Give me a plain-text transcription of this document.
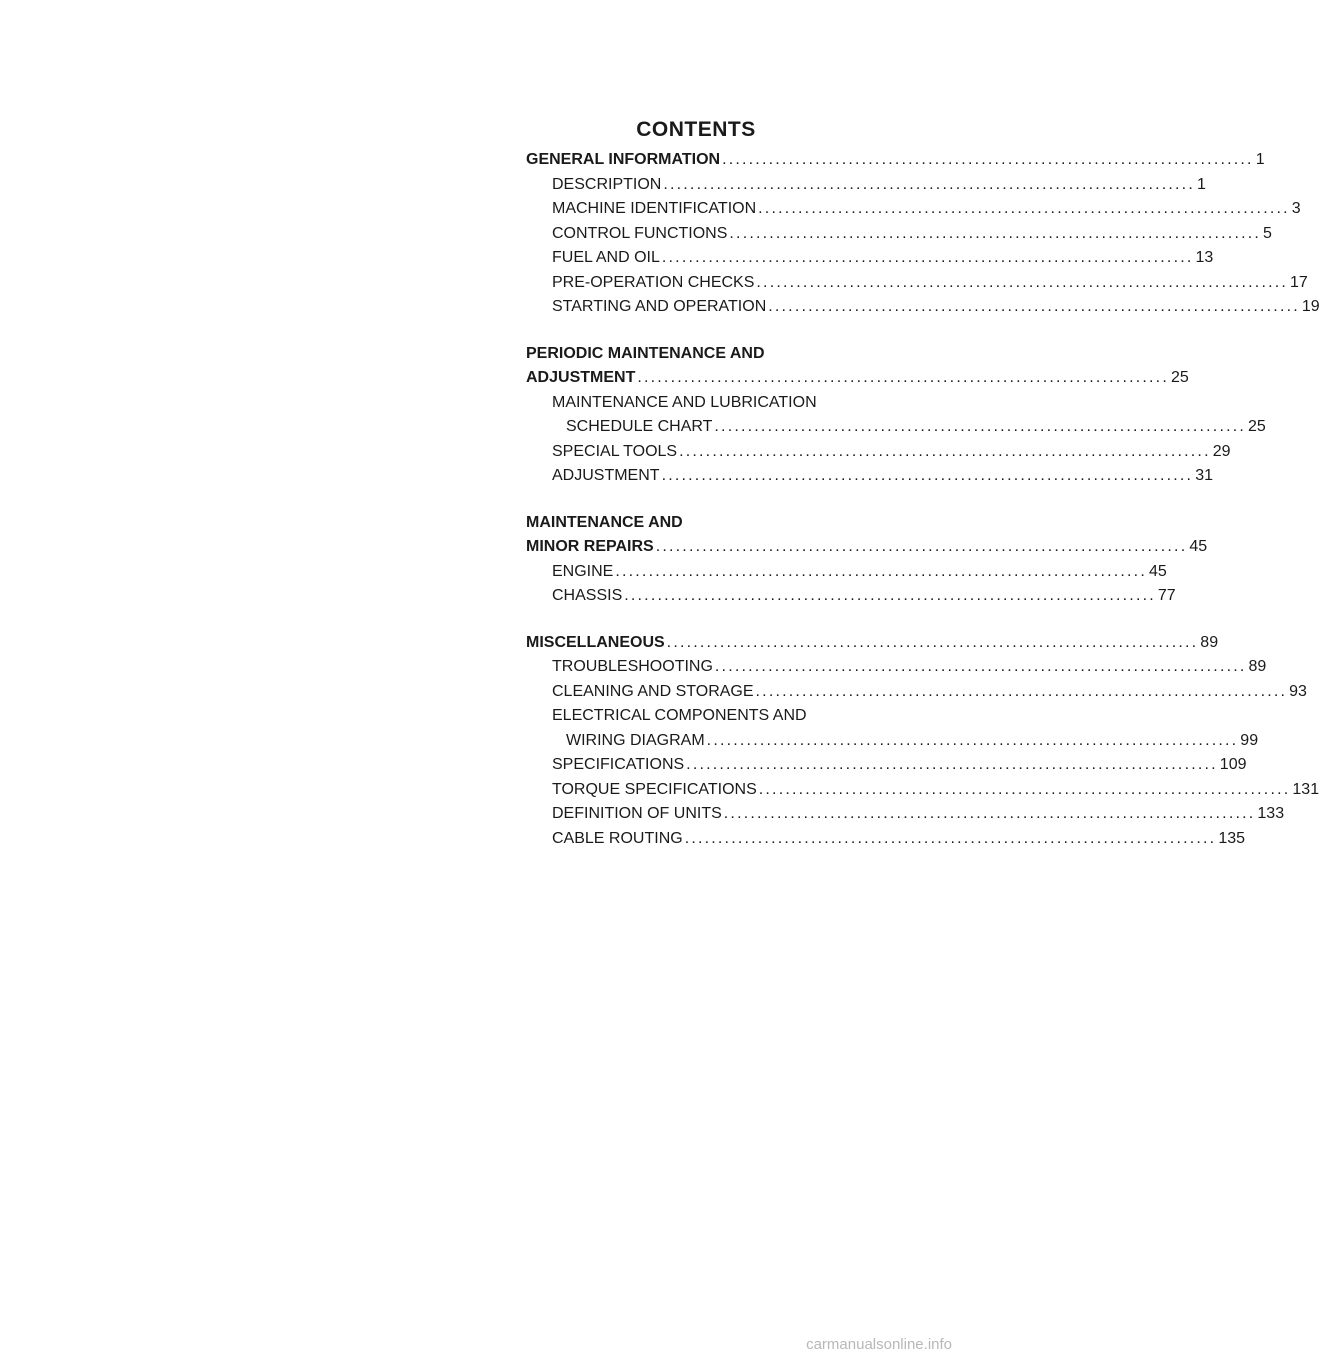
CONTENTS
GENERAL INFORMATION ................................................................................ 1
DESCRIPTION ................................................................................ 1
MACHINE IDENTIFICATION ................................................................................ 3
CONTROL FUNCTIONS ................................................................................ 5
FUEL AND OIL ................................................................................ 13
PRE-OPERATION CHECKS ................................................................................ 17
STARTING AND OPERATION ................................................................................ 19
PERIODIC MAINTENANCE AND
ADJUSTMENT ................................................................................ 25
MAINTENANCE AND LUBRICATION
SCHEDULE CHART ................................................................................ 25
SPECIAL TOOLS ................................................................................ 29
ADJUSTMENT ................................................................................ 31
MAINTENANCE AND
MINOR REPAIRS ................................................................................ 45
ENGINE ................................................................................ 45
CHASSIS ................................................................................ 77
MISCELLANEOUS ................................................................................ 89
TROUBLESHOOTING ................................................................................ 89
CLEANING AND STORAGE ................................................................................ 93
ELECTRICAL COMPONENTS AND
WIRING DIAGRAM ................................................................................ 99
SPECIFICATIONS ................................................................................ 109
TORQUE SPECIFICATIONS ................................................................................ 131
DEFINITION OF UNITS ................................................................................ 133
CABLE ROUTING ................................................................................ 135
carmanualsonline.info
